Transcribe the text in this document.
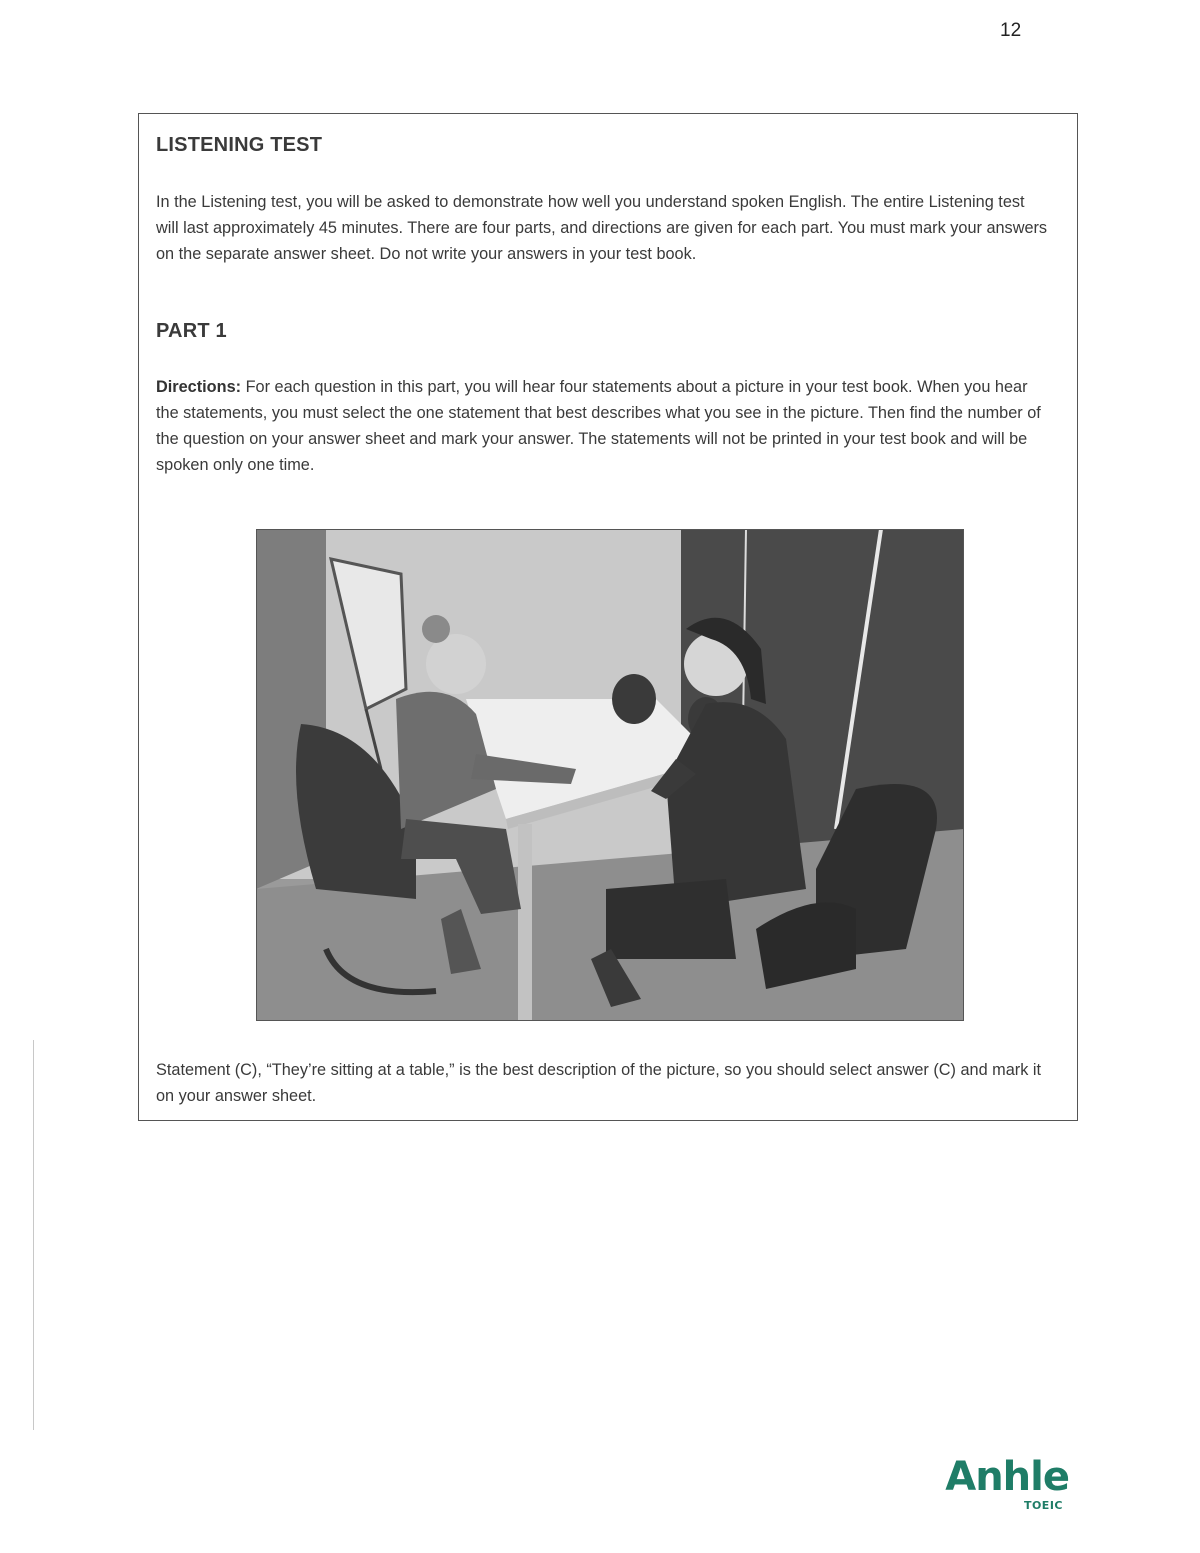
12
LISTENING TEST
In the Listening test, you will be asked to demonstrate how well you understand spoken English. The entire Listening test will last approximately 45 minutes. There are four parts, and directions are given for each part. You must mark your answers on the separate answer sheet. Do not write your answers in your test book.
PART 1
Directions: For each question in this part, you will hear four statements about a picture in your test book. When you hear the statements, you must select the one statement that best describes what you see in the picture. Then find the number of the question on your answer sheet and mark your answer. The statements will not be printed in your test book and will be spoken only one time.
Statement (C), “They’re sitting at a table,” is the best description of the picture, so you should select answer (C) and mark it on your answer sheet.
Anhle
TOEIC
